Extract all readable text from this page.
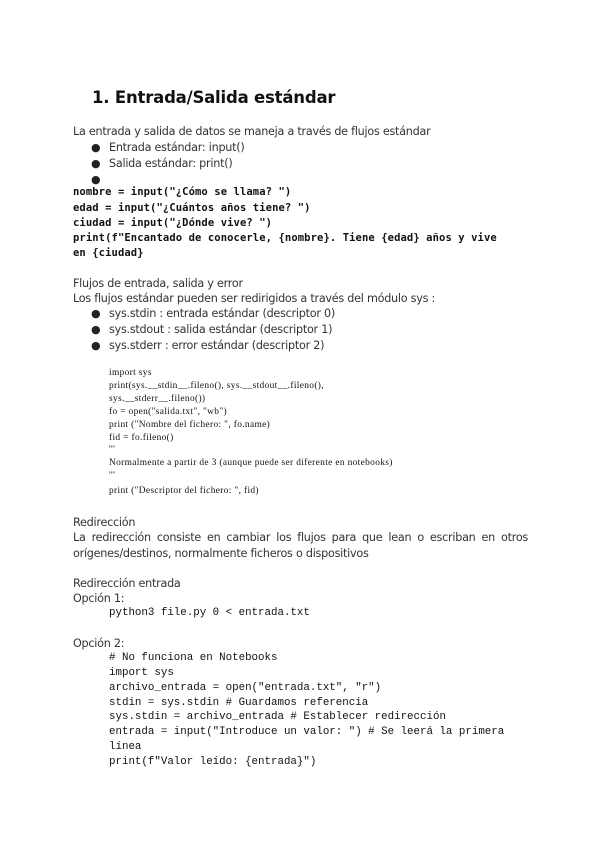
1. Entrada/Salida estándar
La entrada y salida de datos se maneja a través de flujos estándar
● Entrada estándar: input()
● Salida estándar: print()
●
nombre = input("¿Cómo se llama? ")
edad = input("¿Cuántos años tiene? ")
ciudad = input("¿Dónde vive? ")
print(f"Encantado de conocerle, {nombre}. Tiene {edad} años y vive
en {ciudad}
Flujos de entrada, salida y error
Los flujos estándar pueden ser redirigidos a través del módulo sys :
● sys.stdin : entrada estándar (descriptor 0)
● sys.stdout : salida estándar (descriptor 1)
● sys.stderr : error estándar (descriptor 2)
import sys
print(sys.__stdin__.fileno(), sys.__stdout__.fileno(),
sys.__stderr__.fileno())
fo = open("salida.txt", "wb")
print ("Nombre del fichero: ", fo.name)
fid = fo.fileno()
'''
Normalmente a partir de 3 (aunque puede ser diferente en notebooks)
'''
print ("Descriptor del fichero: ", fid)
Redirección
La redirección consiste en cambiar los flujos para que lean o escriban en otros orígenes/destinos, normalmente ficheros o dispositivos
Redirección entrada
Opción 1:
python3 file.py 0 < entrada.txt
Opción 2:
# No funciona en Notebooks
import sys
archivo_entrada = open("entrada.txt", "r")
stdin = sys.stdin # Guardamos referencia
sys.stdin = archivo_entrada # Establecer redirección
entrada = input("Introduce un valor: ") # Se leerá la primera
línea
print(f"Valor leído: {entrada}")
